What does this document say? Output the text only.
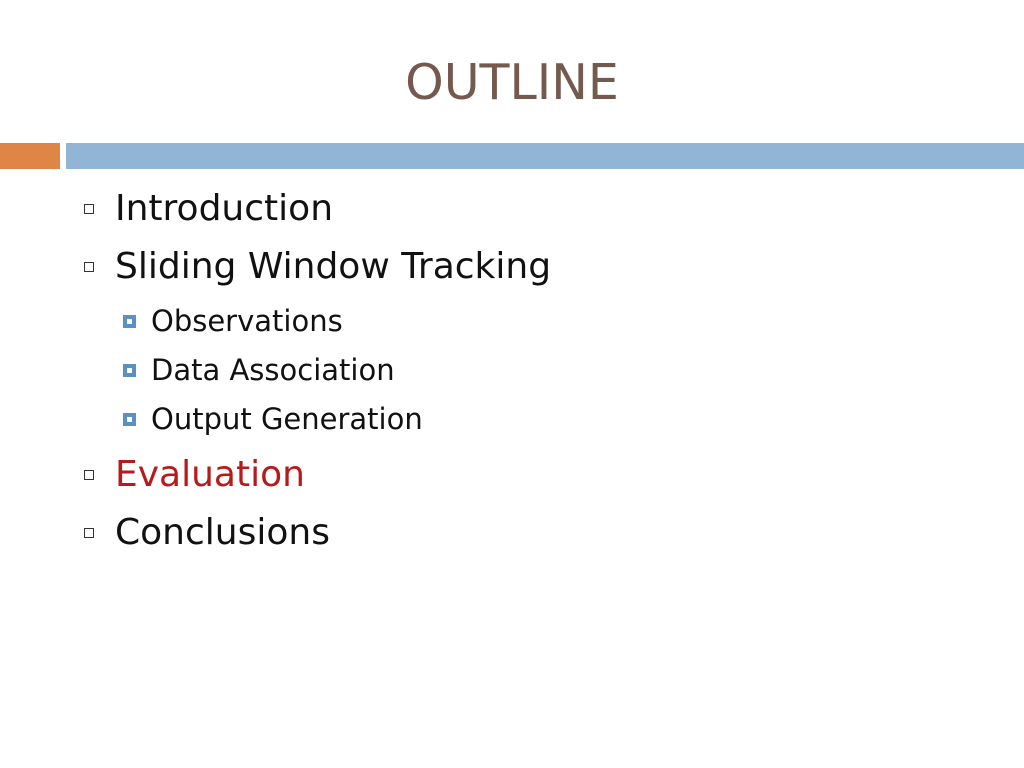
OUTLINE
Introduction
Sliding Window Tracking
Observations
Data Association
Output Generation
Evaluation
Conclusions
